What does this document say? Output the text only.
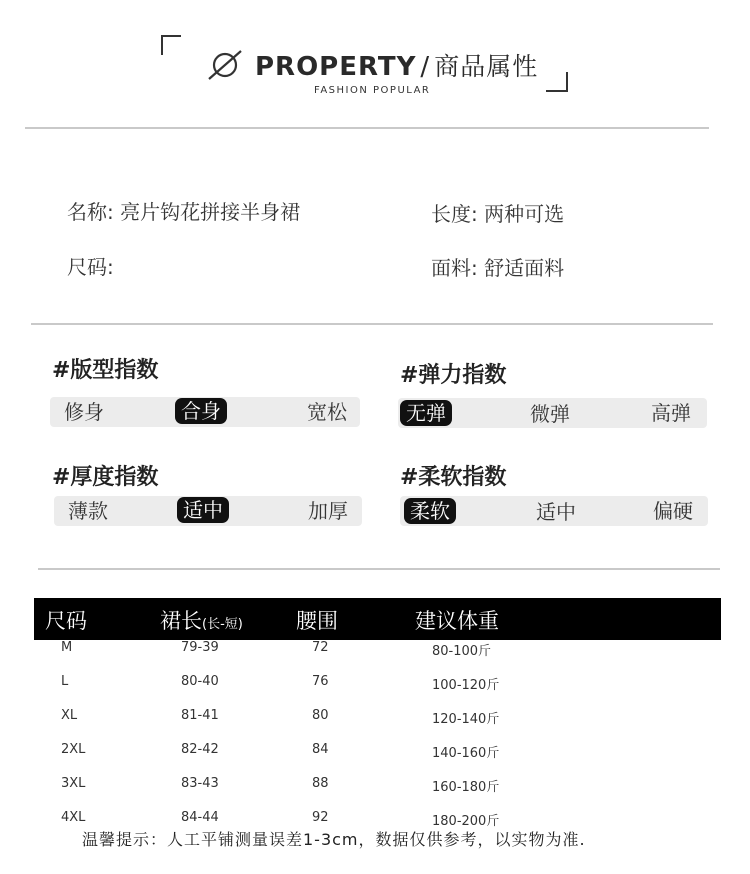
PROPERTY / 商品属性
FASHION POPULAR
名称: 亮片钩花拼接半身裙	长度: 两种可选
尺码:	面料: 舒适面料
#版型指数
修身	合身	宽松
#弹力指数
无弹	微弹	高弹
#厚度指数
薄款	适中	加厚
#柔软指数
柔软	适中	偏硬
尺码	裙长(长-短)	腰围	建议体重
M	79-39	72	80-100斤
L	80-40	76	100-120斤
XL	81-41	80	120-140斤
2XL	82-42	84	140-160斤
3XL	83-43	88	160-180斤
4XL	84-44	92	180-200斤
温馨提示：人工平铺测量误差1-3cm，数据仅供参考，以实物为准.
